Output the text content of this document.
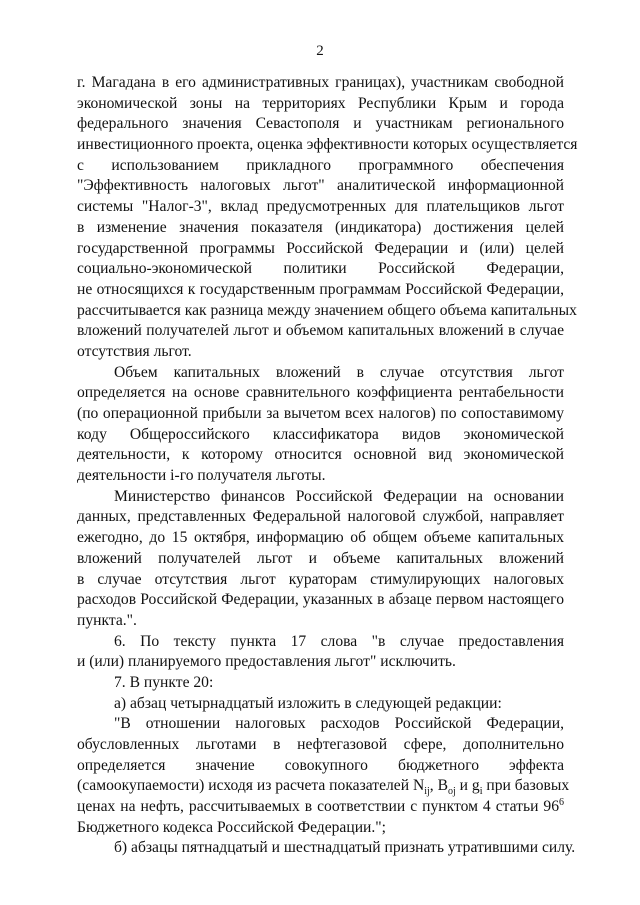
2
г. Магадана в его административных границах), участникам свободной
экономической зоны на территориях Республики Крым и города
федерального значения Севастополя и участникам регионального
инвестиционного проекта, оценка эффективности которых осуществляется
с использованием прикладного программного обеспечения
"Эффективность налоговых льгот" аналитической информационной
системы "Налог-3", вклад предусмотренных для плательщиков льгот
в изменение значения показателя (индикатора) достижения целей
государственной программы Российской Федерации и (или) целей
социально-экономической политики Российской Федерации,
не относящихся к государственным программам Российской Федерации,
рассчитывается как разница между значением общего объема капитальных
вложений получателей льгот и объемом капитальных вложений в случае
отсутствия льгот.
Объем капитальных вложений в случае отсутствия льгот
определяется на основе сравнительного коэффициента рентабельности
(по операционной прибыли за вычетом всех налогов) по сопоставимому
коду Общероссийского классификатора видов экономической
деятельности, к которому относится основной вид экономической
деятельности i-го получателя льготы.
Министерство финансов Российской Федерации на основании
данных, представленных Федеральной налоговой службой, направляет
ежегодно, до 15 октября, информацию об общем объеме капитальных
вложений получателей льгот и объеме капитальных вложений
в случае отсутствия льгот кураторам стимулирующих налоговых
расходов Российской Федерации, указанных в абзаце первом настоящего
пункта.".
6. По тексту пункта 17 слова "в случае предоставления
и (или) планируемого предоставления льгот" исключить.
7. В пункте 20:
а) абзац четырнадцатый изложить в следующей редакции:
"В отношении налоговых расходов Российской Федерации,
обусловленных льготами в нефтегазовой сфере, дополнительно
определяется значение совокупного бюджетного эффекта
(самоокупаемости) исходя из расчета показателей $N_{ij}$, $B_{oj}$ и $g_i$ при базовых
ценах на нефть, рассчитываемых в соответствии с пунктом 4 статьи $96^6$
Бюджетного кодекса Российской Федерации.";
б) абзацы пятнадцатый и шестнадцатый признать утратившими силу.
